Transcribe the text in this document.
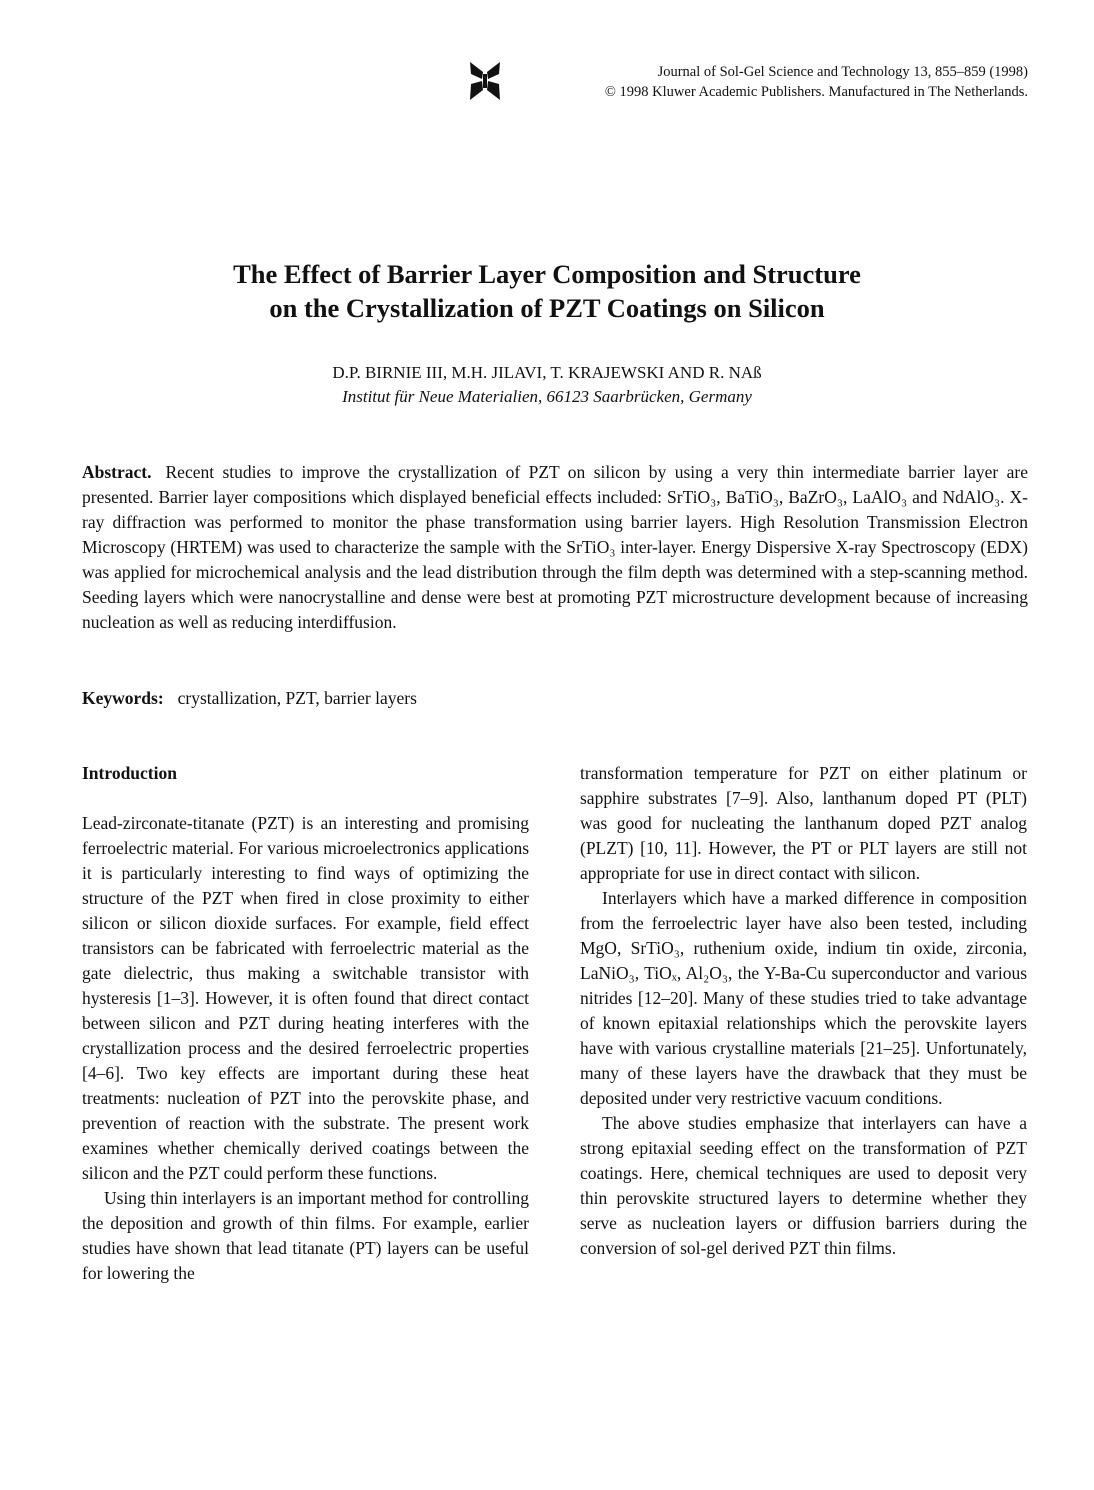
Journal of Sol-Gel Science and Technology 13, 855–859 (1998)
© 1998 Kluwer Academic Publishers. Manufactured in The Netherlands.
The Effect of Barrier Layer Composition and Structure
on the Crystallization of PZT Coatings on Silicon
D.P. BIRNIE III, M.H. JILAVI, T. KRAJEWSKI AND R. NAß
Institut für Neue Materialien, 66123 Saarbrücken, Germany
Abstract. Recent studies to improve the crystallization of PZT on silicon by using a very thin intermediate barrier layer are presented. Barrier layer compositions which displayed beneficial effects included: SrTiO₃, BaTiO₃, BaZrO₃, LaAlO₃ and NdAlO₃. X-ray diffraction was performed to monitor the phase transformation using barrier layers. High Resolution Transmission Electron Microscopy (HRTEM) was used to characterize the sample with the SrTiO₃ inter-layer. Energy Dispersive X-ray Spectroscopy (EDX) was applied for microchemical analysis and the lead distribution through the film depth was determined with a step-scanning method. Seeding layers which were nanocrystalline and dense were best at promoting PZT microstructure development because of increasing nucleation as well as reducing interdiffusion.
Keywords: crystallization, PZT, barrier layers
Introduction

Lead-zirconate-titanate (PZT) is an interesting and promising ferroelectric material. For various microelectronics applications it is particularly interesting to find ways of optimizing the structure of the PZT when fired in close proximity to either silicon or silicon dioxide surfaces. For example, field effect transistors can be fabricated with ferroelectric material as the gate dielectric, thus making a switchable transistor with hysteresis [1–3]. However, it is often found that direct contact between silicon and PZT during heating interferes with the crystallization process and the desired ferroelectric properties [4–6]. Two key effects are important during these heat treatments: nucleation of PZT into the perovskite phase, and prevention of reaction with the substrate. The present work examines whether chemically derived coatings between the silicon and the PZT could perform these functions.

Using thin interlayers is an important method for controlling the deposition and growth of thin films. For example, earlier studies have shown that lead titanate (PT) layers can be useful for lowering the

transformation temperature for PZT on either platinum or sapphire substrates [7–9]. Also, lanthanum doped PT (PLT) was good for nucleating the lanthanum doped PZT analog (PLZT) [10, 11]. However, the PT or PLT layers are still not appropriate for use in direct contact with silicon.

Interlayers which have a marked difference in composition from the ferroelectric layer have also been tested, including MgO, SrTiO₃, ruthenium oxide, indium tin oxide, zirconia, LaNiO₃, TiOₓ, Al₂O₃, the Y-Ba-Cu superconductor and various nitrides [12–20]. Many of these studies tried to take advantage of known epitaxial relationships which the perovskite layers have with various crystalline materials [21–25]. Unfortunately, many of these layers have the drawback that they must be deposited under very restrictive vacuum conditions.

The above studies emphasize that interlayers can have a strong epitaxial seeding effect on the transformation of PZT coatings. Here, chemical techniques are used to deposit very thin perovskite structured layers to determine whether they serve as nucleation layers or diffusion barriers during the conversion of sol-gel derived PZT thin films.
